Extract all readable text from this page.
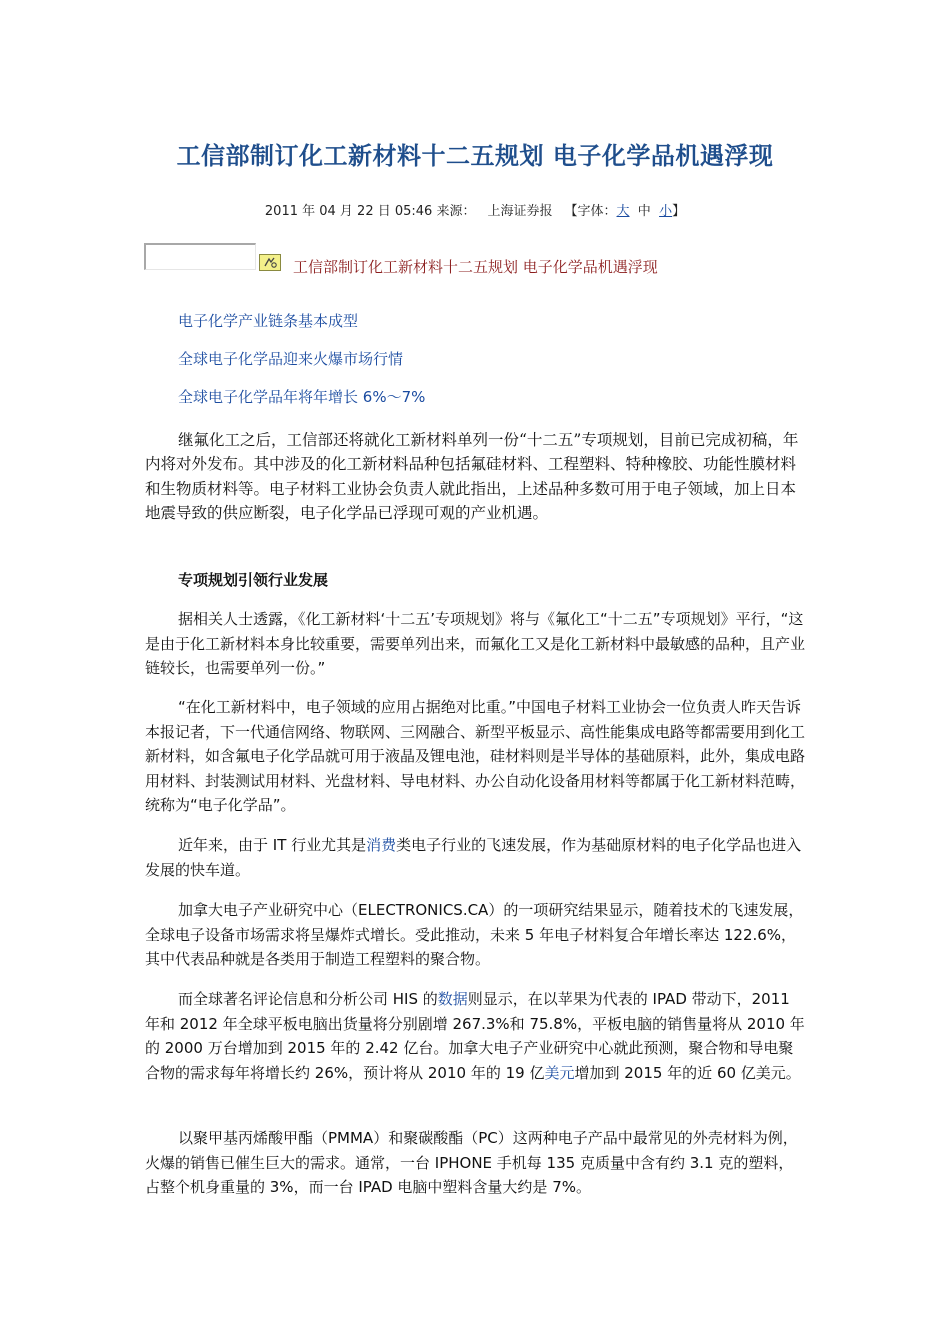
工信部制订化工新材料十二五规划 电子化学品机遇浮现
2011 年 04 月 22 日 05:46 来源： 上海证券报 【字体：大 中 小】
工信部制订化工新材料十二五规划 电子化学品机遇浮现
电子化学产业链条基本成型
全球电子化学品迎来火爆市场行情
全球电子化学品年将年增长 6%～7%

继氟化工之后，工信部还将就化工新材料单列一份“十二五”专项规划，目前已完成初稿，年内将对外发布。其中涉及的化工新材料品种包括氟硅材料、工程塑料、特种橡胶、功能性膜材料和生物质材料等。电子材料工业协会负责人就此指出，上述品种多数可用于电子领域，加上日本地震导致的供应断裂，电子化学品已浮现可观的产业机遇。

专项规划引领行业发展

据相关人士透露，《化工新材料‘十二五’专项规划》将与《氟化工“十二五”专项规划》平行，“这是由于化工新材料本身比较重要，需要单列出来，而氟化工又是化工新材料中最敏感的品种，且产业链较长，也需要单列一份。”

“在化工新材料中，电子领域的应用占据绝对比重。”中国电子材料工业协会一位负责人昨天告诉本报记者，下一代通信网络、物联网、三网融合、新型平板显示、高性能集成电路等都需要用到化工新材料，如含氟电子化学品就可用于液晶及锂电池，硅材料则是半导体的基础原料，此外，集成电路用材料、封装测试用材料、光盘材料、导电材料、办公自动化设备用材料等都属于化工新材料范畴，统称为“电子化学品”。

近年来，由于 IT 行业尤其是消费类电子行业的飞速发展，作为基础原材料的电子化学品也进入发展的快车道。

加拿大电子产业研究中心（ELECTRONICS.CA）的一项研究结果显示，随着技术的飞速发展，全球电子设备市场需求将呈爆炸式增长。受此推动，未来 5 年电子材料复合年增长率达 122.6%，其中代表品种就是各类用于制造工程塑料的聚合物。

而全球著名评论信息和分析公司 HIS 的数据则显示，在以苹果为代表的 IPAD 带动下，2011 年和 2012 年全球平板电脑出货量将分别剧增 267.3%和 75.8%，平板电脑的销售量将从 2010 年的 2000 万台增加到 2015 年的 2.42 亿台。加拿大电子产业研究中心就此预测，聚合物和导电聚合物的需求每年将增长约 26%，预计将从 2010 年的 19 亿美元增加到 2015 年的近 60 亿美元。

以聚甲基丙烯酸甲酯（PMMA）和聚碳酸酯（PC）这两种电子产品中最常见的外壳材料为例，火爆的销售已催生巨大的需求。通常，一台 IPHONE 手机每 135 克质量中含有约 3.1 克的塑料，占整个机身重量的 3%，而一台 IPAD 电脑中塑料含量大约是 7%。
